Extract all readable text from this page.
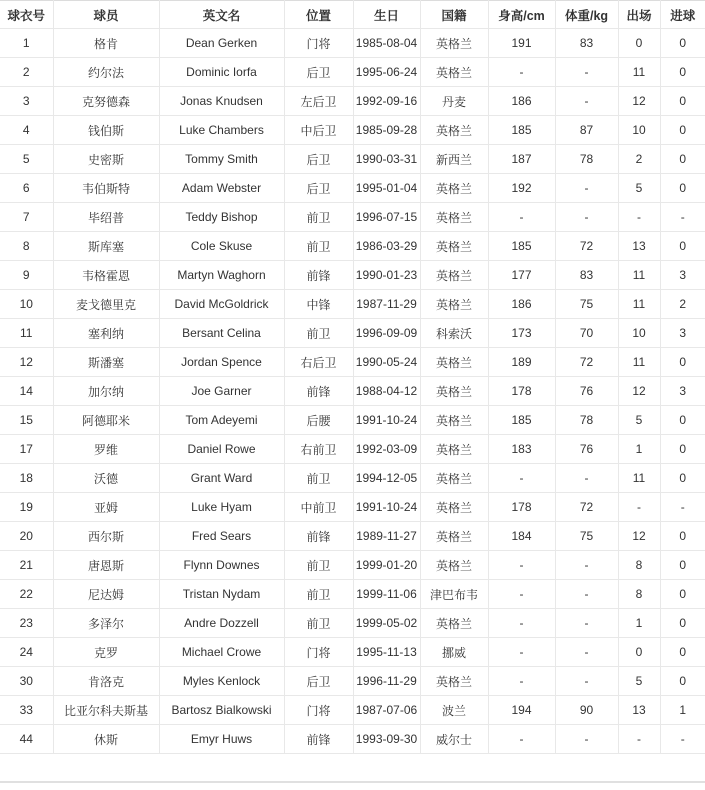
球衣号	球员	英文名	位置	生日	国籍	身高/cm	体重/kg	出场	进球
1	格肯	Dean Gerken	门将	1985-08-04	英格兰	191	83	0	0
2	约尔法	Dominic Iorfa	后卫	1995-06-24	英格兰	-	-	11	0
3	克努德森	Jonas Knudsen	左后卫	1992-09-16	丹麦	186	-	12	0
4	钱伯斯	Luke Chambers	中后卫	1985-09-28	英格兰	185	87	10	0
5	史密斯	Tommy Smith	后卫	1990-03-31	新西兰	187	78	2	0
6	韦伯斯特	Adam Webster	后卫	1995-01-04	英格兰	192	-	5	0
7	毕绍普	Teddy Bishop	前卫	1996-07-15	英格兰	-	-	-	-
8	斯库塞	Cole Skuse	前卫	1986-03-29	英格兰	185	72	13	0
9	韦格霍恩	Martyn Waghorn	前锋	1990-01-23	英格兰	177	83	11	3
10	麦戈德里克	David McGoldrick	中锋	1987-11-29	英格兰	186	75	11	2
11	塞利纳	Bersant Celina	前卫	1996-09-09	科索沃	173	70	10	3
12	斯潘塞	Jordan Spence	右后卫	1990-05-24	英格兰	189	72	11	0
14	加尔纳	Joe Garner	前锋	1988-04-12	英格兰	178	76	12	3
15	阿德耶米	Tom Adeyemi	后腰	1991-10-24	英格兰	185	78	5	0
17	罗维	Daniel Rowe	右前卫	1992-03-09	英格兰	183	76	1	0
18	沃德	Grant Ward	前卫	1994-12-05	英格兰	-	-	11	0
19	亚姆	Luke Hyam	中前卫	1991-10-24	英格兰	178	72	-	-
20	西尔斯	Fred Sears	前锋	1989-11-27	英格兰	184	75	12	0
21	唐恩斯	Flynn Downes	前卫	1999-01-20	英格兰	-	-	8	0
22	尼达姆	Tristan Nydam	前卫	1999-11-06	津巴布韦	-	-	8	0
23	多泽尔	Andre Dozzell	前卫	1999-05-02	英格兰	-	-	1	0
24	克罗	Michael Crowe	门将	1995-11-13	挪威	-	-	0	0
30	肯洛克	Myles Kenlock	后卫	1996-11-29	英格兰	-	-	5	0
33	比亚尔科夫斯基	Bartosz Bialkowski	门将	1987-07-06	波兰	194	90	13	1
44	休斯	Emyr Huws	前锋	1993-09-30	威尔士	-	-	-	-
